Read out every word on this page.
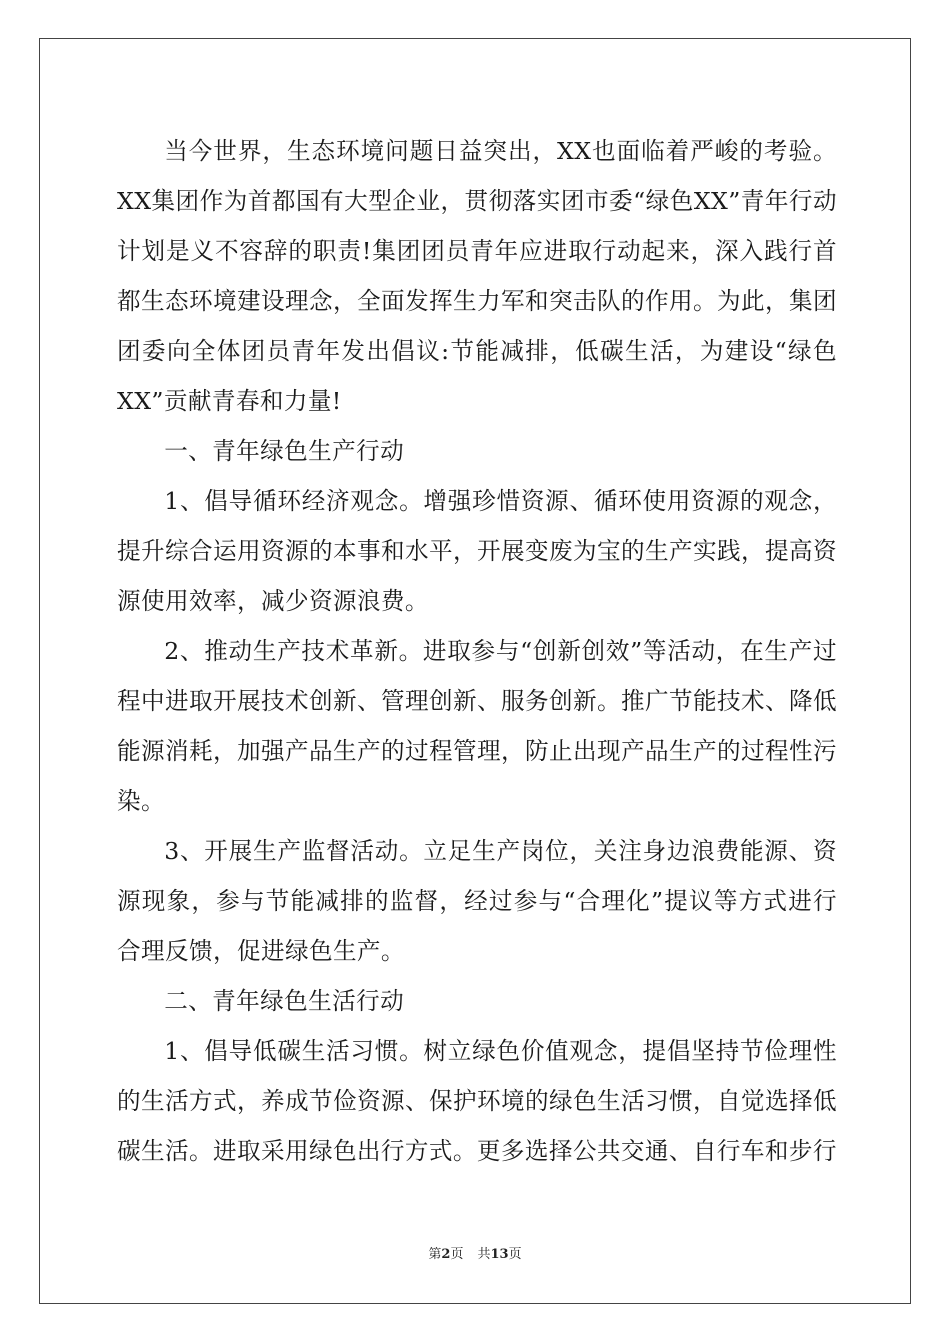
当今世界，生态环境问题日益突出，XX也面临着严峻的考验。XX集团作为首都国有大型企业，贯彻落实团市委“绿色XX”青年行动计划是义不容辞的职责!集团团员青年应进取行动起来，深入践行首都生态环境建设理念，全面发挥生力军和突击队的作用。为此，集团团委向全体团员青年发出倡议:节能减排，低碳生活，为建设“绿色XX”贡献青春和力量!

一、青年绿色生产行动

1、倡导循环经济观念。增强珍惜资源、循环使用资源的观念，提升综合运用资源的本事和水平，开展变废为宝的生产实践，提高资源使用效率，减少资源浪费。

2、推动生产技术革新。进取参与“创新创效”等活动，在生产过程中进取开展技术创新、管理创新、服务创新。推广节能技术、降低能源消耗，加强产品生产的过程管理，防止出现产品生产的过程性污染。

3、开展生产监督活动。立足生产岗位，关注身边浪费能源、资源现象，参与节能减排的监督，经过参与“合理化”提议等方式进行合理反馈，促进绿色生产。

二、青年绿色生活行动

1、倡导低碳生活习惯。树立绿色价值观念，提倡坚持节俭理性的生活方式，养成节俭资源、保护环境的绿色生活习惯，自觉选择低碳生活。进取采用绿色出行方式。更多选择公共交通、自行车和步行

第2页 共13页
